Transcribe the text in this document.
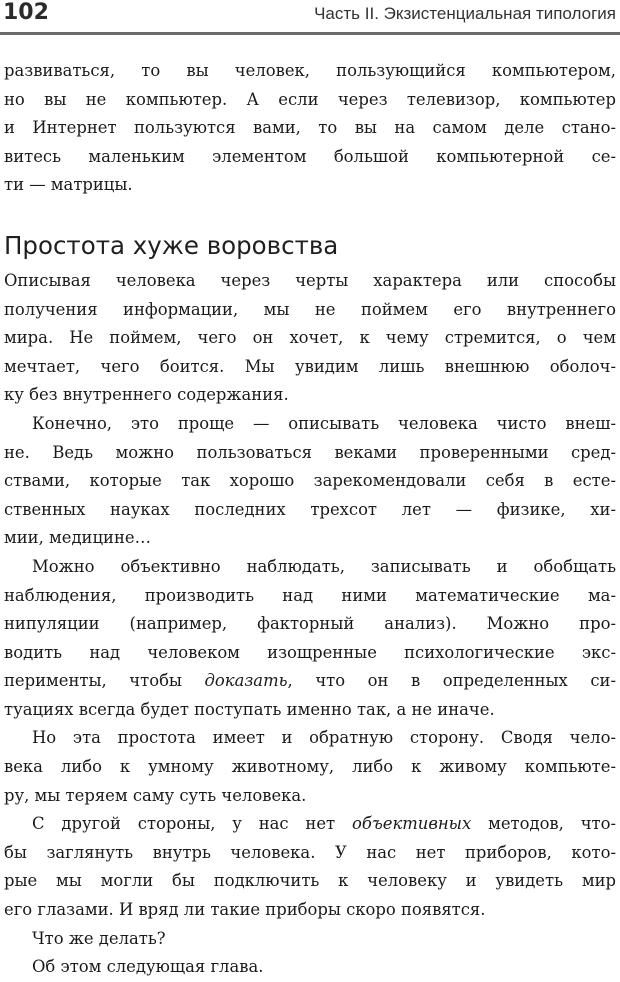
102	Часть II. Экзистенциальная типология
развиваться, то вы человек, пользующийся компьютером,
но вы не компьютер. А если через телевизор, компьютер
и Интернет пользуются вами, то вы на самом деле стано-
витесь маленьким элементом большой компьютерной се-
ти — матрицы.
Простота хуже воровства
Описывая человека через черты характера или способы
получения информации, мы не поймем его внутреннего
мира. Не поймем, чего он хочет, к чему стремится, о чем
мечтает, чего боится. Мы увидим лишь внешнюю оболоч-
ку без внутреннего содержания.
Конечно, это проще — описывать человека чисто внеш-
не. Ведь можно пользоваться веками проверенными сред-
ствами, которые так хорошо зарекомендовали себя в есте-
ственных науках последних трехсот лет — физике, хи-
мии, медицине…
Можно объективно наблюдать, записывать и обобщать
наблюдения, производить над ними математические ма-
нипуляции (например, факторный анализ). Можно про-
водить над человеком изощренные психологические экс-
перименты, чтобы доказать, что он в определенных си-
туациях всегда будет поступать именно так, а не иначе.
Но эта простота имеет и обратную сторону. Сводя чело-
века либо к умному животному, либо к живому компьюте-
ру, мы теряем саму суть человека.
С другой стороны, у нас нет объективных методов, что-
бы заглянуть внутрь человека. У нас нет приборов, кото-
рые мы могли бы подключить к человеку и увидеть мир
его глазами. И вряд ли такие приборы скоро появятся.
Что же делать?
Об этом следующая глава.
